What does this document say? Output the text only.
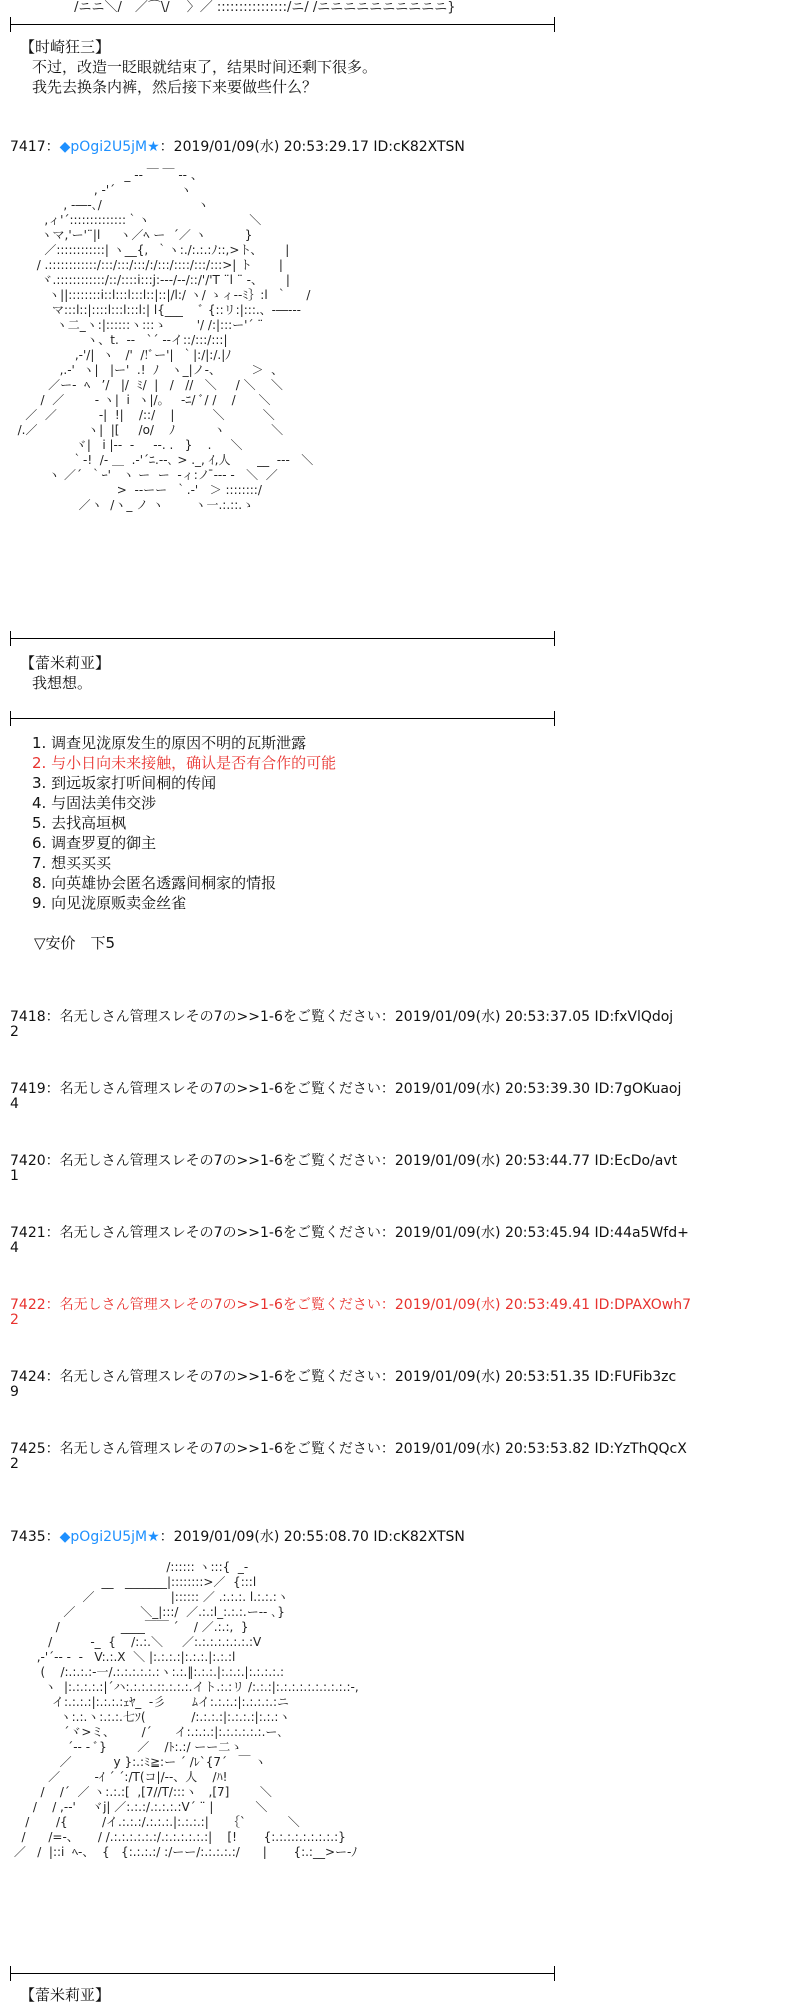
/ニニ＼/　／⌒\/　 〉／ ::::::::::::::::/ニ/ /ニニニニニニニニニニ}
【时崎狂三】
不过，改造一眨眼就结束了，结果时间还剩下很多。
我先去换条内裤，然后接下来要做些什么？
7417：◆pOgi2U5jM★：2019/01/09(水) 20:53:29.17 ID:cK82XTSN
_ -‐ ￣ ￣ ‐- 、
, ‐'´                 ヽ
, -―-､/                         ヽ
,ィ'´::::::::::::::｀ヽ                          ＼
ヽマ,'ー'¨|l     ヽ／ﾍ ー  ´／ ヽ          }
／::::::::::::| ヽ__{,  ｀ヽ:./:.:.:ﾉ::,>ト、      |
/ .::::::::::::/:::/:::/:::/:/:::/::::/:::/:::>| ト       |
ヾ.::::::::::::/::/::::i:::j:--‐/--/::/'/'T ¨l ¨ ‐、      |
ヽ||::::::::i::l:::l:::l::|::|/l:/ ヽ/ ゝィ--ﾐ｝:l  ｀     /
マ:::l::|::::l:::l:::l:| l{___    ﾞ {::リ:|:::.、-―‐--
ヽ二_ヽ:|::::::ヽ:::ゝ        '/ /:|:::ー'´ ¨
ヽ、t.  ‐‐   `´ ‐-イ::/:::/:::|
,-'/|  ヽ   /'  /!ﾞー'|  ｀|:/|:/.|ﾉ
,.-'  ヽ|   |ー'  .!  ﾉ   ヽ_|ノ-、        ＞  、
／ー‐  ﾍ   ’/   |/  ﾐ/  |   /   //   ＼     / ＼    ＼
/  ／        ‐ ヽ|  i  ヽ|/。   ‐ﾆ/ ﾞ/ /    /      ＼
／  ／           ‐|  !|    /::/    |          ＼          ＼
/.／             ヽ|  |[     /o/    ﾉ          ヽ            ＼
ヾ|   i |-‐  ‐     ‐-. .   }    .     ＼
｀-!  /- ＿  .-'´ﾆ.‐-､ > ._, ｲ,人       __  ---   ＼
ヽ ／´  ｀ｰ'   ヽ ー  ー  ‐ィ:ノ ̄‐-- ‐   ＼  ／
>  ‐‐ーー  ｀.-'   ＞ ::::::::/
／ヽ  /ヽ_ ノ ヽ        ヽ一.:.::.ゝ
【蕾米莉亚】
我想想。
1. 调查见泷原发生的原因不明的瓦斯泄露
2. 与小日向未来接触，确认是否有合作的可能
3. 到远坂家打听间桐的传闻
4. 与固法美伟交涉
5. 去找高垣枫
6. 调查罗夏的御主
7. 想买买买
8. 向英雄协会匿名透露间桐家的情报
9. 向见泷原贩卖金丝雀
▽安价　下5
7418：名无しさん管理スレその7の>>1-6をご覧ください：2019/01/09(水) 20:53:37.05 ID:fxVlQdoj
2
7419：名无しさん管理スレその7の>>1-6をご覧ください：2019/01/09(水) 20:53:39.30 ID:7gOKuaoj
4
7420：名无しさん管理スレその7の>>1-6をご覧ください：2019/01/09(水) 20:53:44.77 ID:EcDo/avt
1
7421：名无しさん管理スレその7の>>1-6をご覧ください：2019/01/09(水) 20:53:45.94 ID:44a5Wfd+
4
7422：名无しさん管理スレその7の>>1-6をご覧ください：2019/01/09(水) 20:53:49.41 ID:DPAXOwh7
2
7424：名无しさん管理スレその7の>>1-6をご覧ください：2019/01/09(水) 20:53:51.35 ID:FUFib3zc
9
7425：名无しさん管理スレその7の>>1-6をご覧ください：2019/01/09(水) 20:53:53.82 ID:YzThQQcX
2
7435：◆pOgi2U5jM★：2019/01/09(水) 20:55:08.70 ID:cK82XTSN
/:::::: ヽ:::{  _-
__   _______|::::::::>／  {:::l
／                    |:::::: ／ .:.:.:. l.:.:.:ヽ
／                 ＼_|:::/  ／.:.:l_:.:.:.ー-‐ ､}
/                ____￣￣ ´    / ／.:.:,  }
/          -_  {    /:.:.＼     ／:.:.:.:.:.:.:.:V
,-'´-- ‐  ‐   V:.:.X  ＼ |:.:.:.:|:.:.:.|:.:.:l
(    /:.:.:.:-一/.:.:.:.:.:.:ヽ:.:.‖:.:.:.|:.:.:.|:.:.:.:.:
ヽ  |:.:.:.:.:|´ハ:.:.:.:.::.:.:.:.イト.:.:リ /:.:.:|:.:.:.:.:.:.:.:.:.:-,
イ:.:.:.:|:.:.:.:ｪﾔ_  ‐彡       ﾑイ:.:.:.:|:.:.:.:.:ニ
ヽ:.:.ヽ:.:.:.七ｿ(            /:.:.:.:|:.:.:.:|:.:.:ヽ
´ヾ>ミ、       /´      イ:.:.:.:|:.:.:.:.:.:.ー､
´‐- ‐ ﾞ}        ／    /ﾄ:.:/ ーー二ゝ
／           y }:.:ﾐ≧:ー ´ /ﾚ`{7´   ￣ ヽ
／         ‐ｲ ´ ´:/T(コ|/‐‐、人    /ﾊ!
/    /´  ／ ヽ:.:.:[  ,[7//T/:::ヽ   ,[7]        ＼
/    / ,--'    ヾj| ／:.:.:/.:.:.:.:V´ ¨ |           ＼
/       /{         /イ.:.:.:/.:.:.:.|:.:.:.:|     ｛`           ＼
/      /=-、     / /.:.:.:.:.:.:/.:.:.:.:.:.:|    [!       {:.:.:.:.:.:.:.:.:}
／   /  |::i  ﾍ-、  {   {:.:.:.:/ :/ーー/:.:.:.:.:/      |       {:.:__>ー‐ﾉ
【蕾米莉亚】
